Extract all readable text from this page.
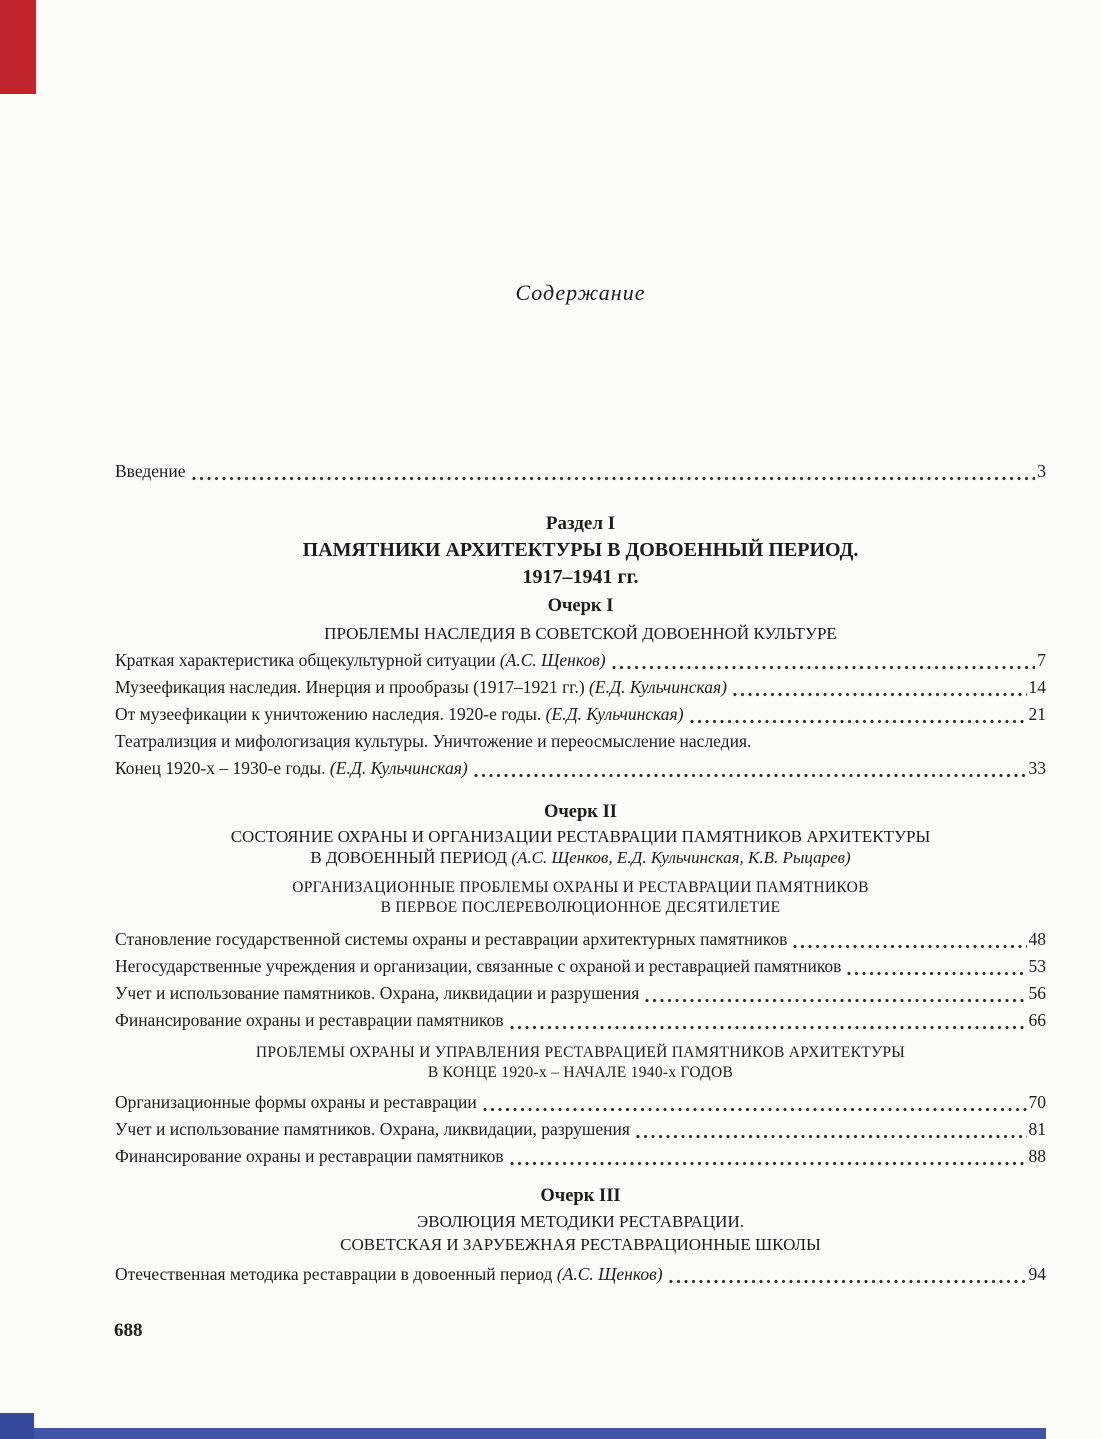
Содержание
Введение	3
Раздел I
ПАМЯТНИКИ АРХИТЕКТУРЫ В ДОВОЕННЫЙ ПЕРИОД.
1917–1941 гг.
Очерк I
ПРОБЛЕМЫ НАСЛЕДИЯ В СОВЕТСКОЙ ДОВОЕННОЙ КУЛЬТУРЕ
Краткая характеристика общекультурной ситуации (А.С. Щенков)	7
Музеефикация наследия. Инерция и прообразы (1917–1921 гг.) (Е.Д. Кульчинская)	14
От музеефикации к уничтожению наследия. 1920-е годы. (Е.Д. Кульчинская)	21
Театрализция и мифологизация культуры. Уничтожение и переосмысление наследия.
Конец 1920-х – 1930-е годы. (Е.Д. Кульчинская)	33
Очерк II
СОСТОЯНИЕ ОХРАНЫ И ОРГАНИЗАЦИИ РЕСТАВРАЦИИ ПАМЯТНИКОВ АРХИТЕКТУРЫ
В ДОВОЕННЫЙ ПЕРИОД (А.С. Щенков, Е.Д. Кульчинская, К.В. Рыцарев)
ОРГАНИЗАЦИОННЫЕ ПРОБЛЕМЫ ОХРАНЫ И РЕСТАВРАЦИИ ПАМЯТНИКОВ
В ПЕРВОЕ ПОСЛЕРЕВОЛЮЦИОННОЕ ДЕСЯТИЛЕТИЕ
Становление государственной системы охраны и реставрации архитектурных памятников	48
Негосударственные учреждения и организации, связанные с охраной и реставрацией памятников	53
Учет и использование памятников. Охрана, ликвидации и разрушения	56
Финансирование охраны и реставрации памятников	66
ПРОБЛЕМЫ ОХРАНЫ И УПРАВЛЕНИЯ РЕСТАВРАЦИЕЙ ПАМЯТНИКОВ АРХИТЕКТУРЫ
В КОНЦЕ 1920-х – НАЧАЛЕ 1940-х ГОДОВ
Организационные формы охраны и реставрации	70
Учет и использование памятников. Охрана, ликвидации, разрушения	81
Финансирование охраны и реставрации памятников	88
Очерк III
ЭВОЛЮЦИЯ МЕТОДИКИ РЕСТАВРАЦИИ.
СОВЕТСКАЯ И ЗАРУБЕЖНАЯ РЕСТАВРАЦИОННЫЕ ШКОЛЫ
Отечественная методика реставрации в довоенный период (А.С. Щенков)	94
688
